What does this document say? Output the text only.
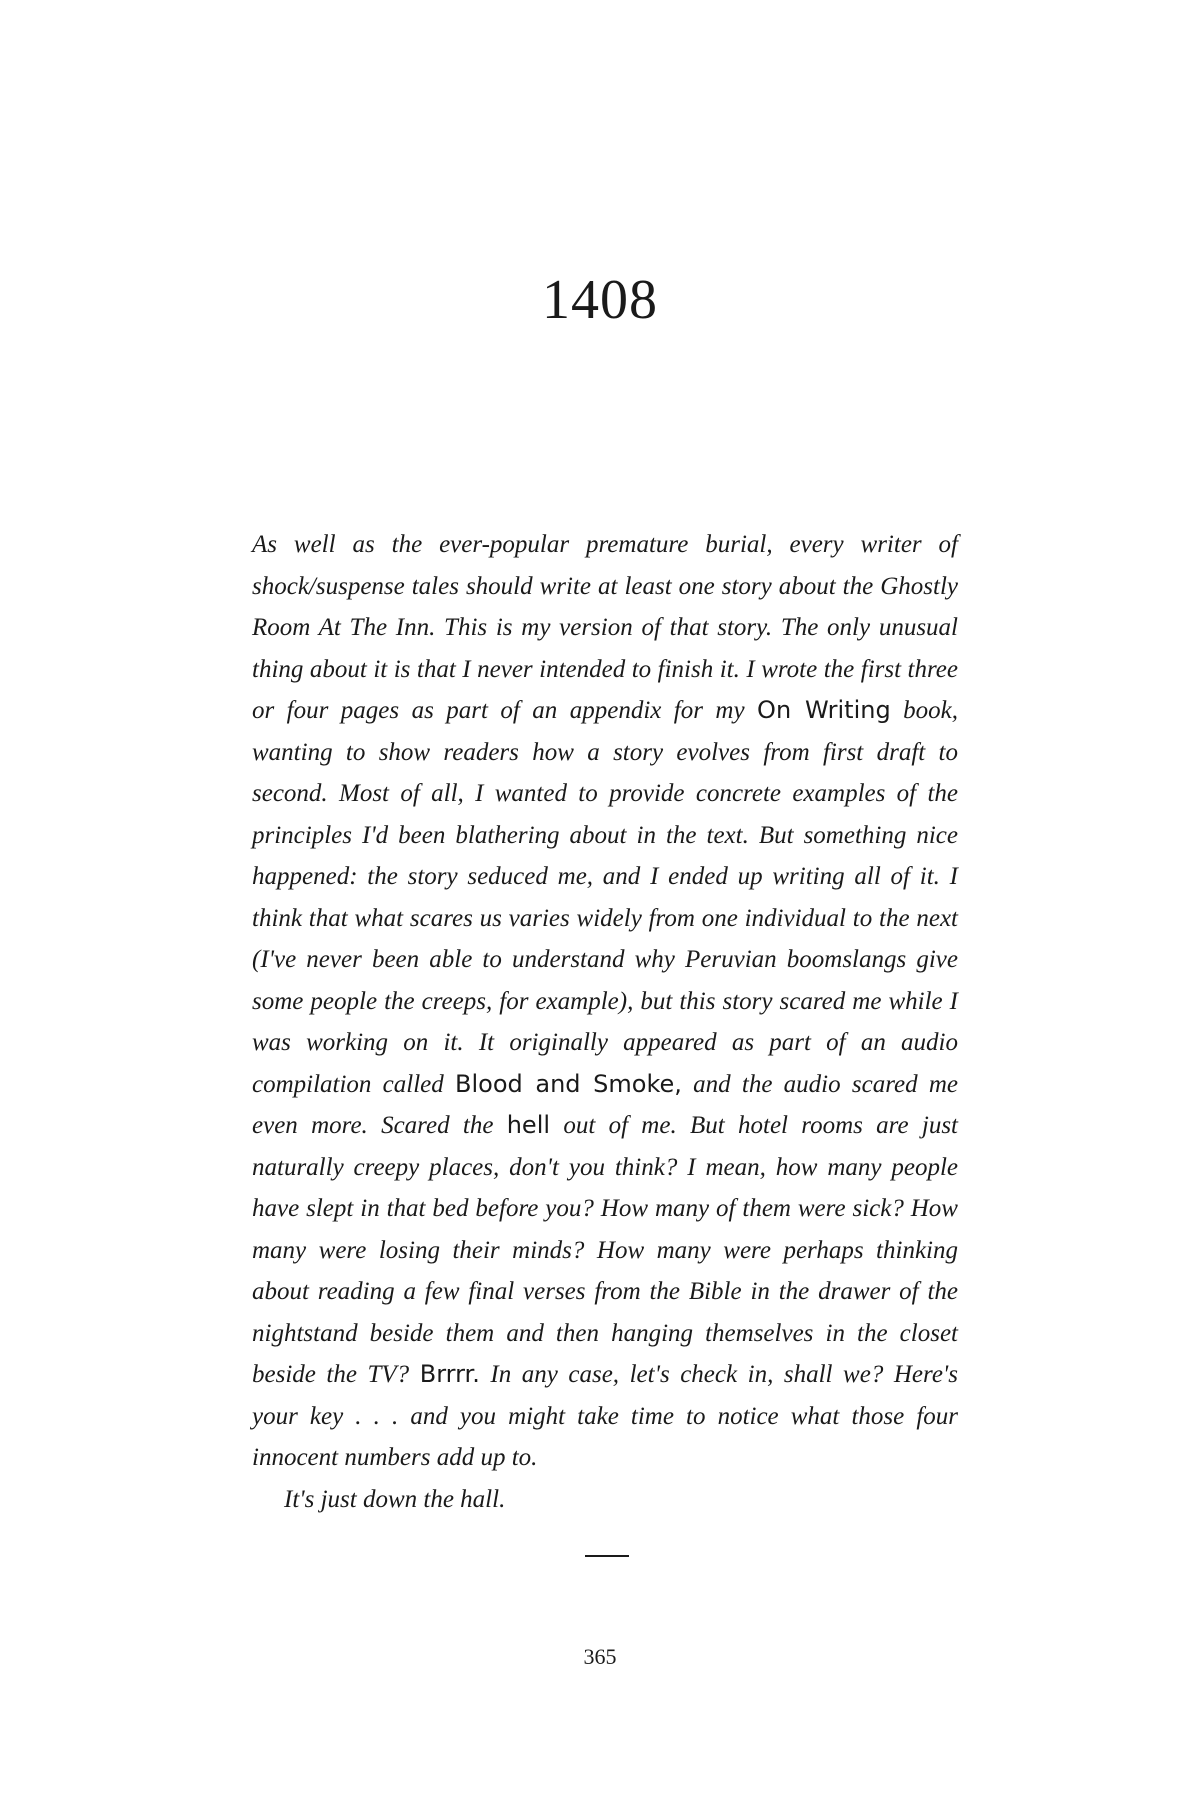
1408

As well as the ever-popular premature burial, every writer of shock/suspense tales should write at least one story about the Ghostly Room At The Inn. This is my version of that story. The only unusual thing about it is that I never intended to finish it. I wrote the first three or four pages as part of an appendix for my On Writing book, wanting to show readers how a story evolves from first draft to second. Most of all, I wanted to provide concrete examples of the principles I'd been blathering about in the text. But something nice happened: the story seduced me, and I ended up writing all of it. I think that what scares us varies widely from one individual to the next (I've never been able to understand why Peruvian boomslangs give some people the creeps, for example), but this story scared me while I was working on it. It originally appeared as part of an audio compilation called Blood and Smoke, and the audio scared me even more. Scared the hell out of me. But hotel rooms are just naturally creepy places, don't you think? I mean, how many people have slept in that bed before you? How many of them were sick? How many were losing their minds? How many were perhaps thinking about reading a few final verses from the Bible in the drawer of the nightstand beside them and then hanging themselves in the closet beside the TV? Brrrr. In any case, let's check in, shall we? Here's your key . . . and you might take time to notice what those four innocent numbers add up to.

It's just down the hall.

365
